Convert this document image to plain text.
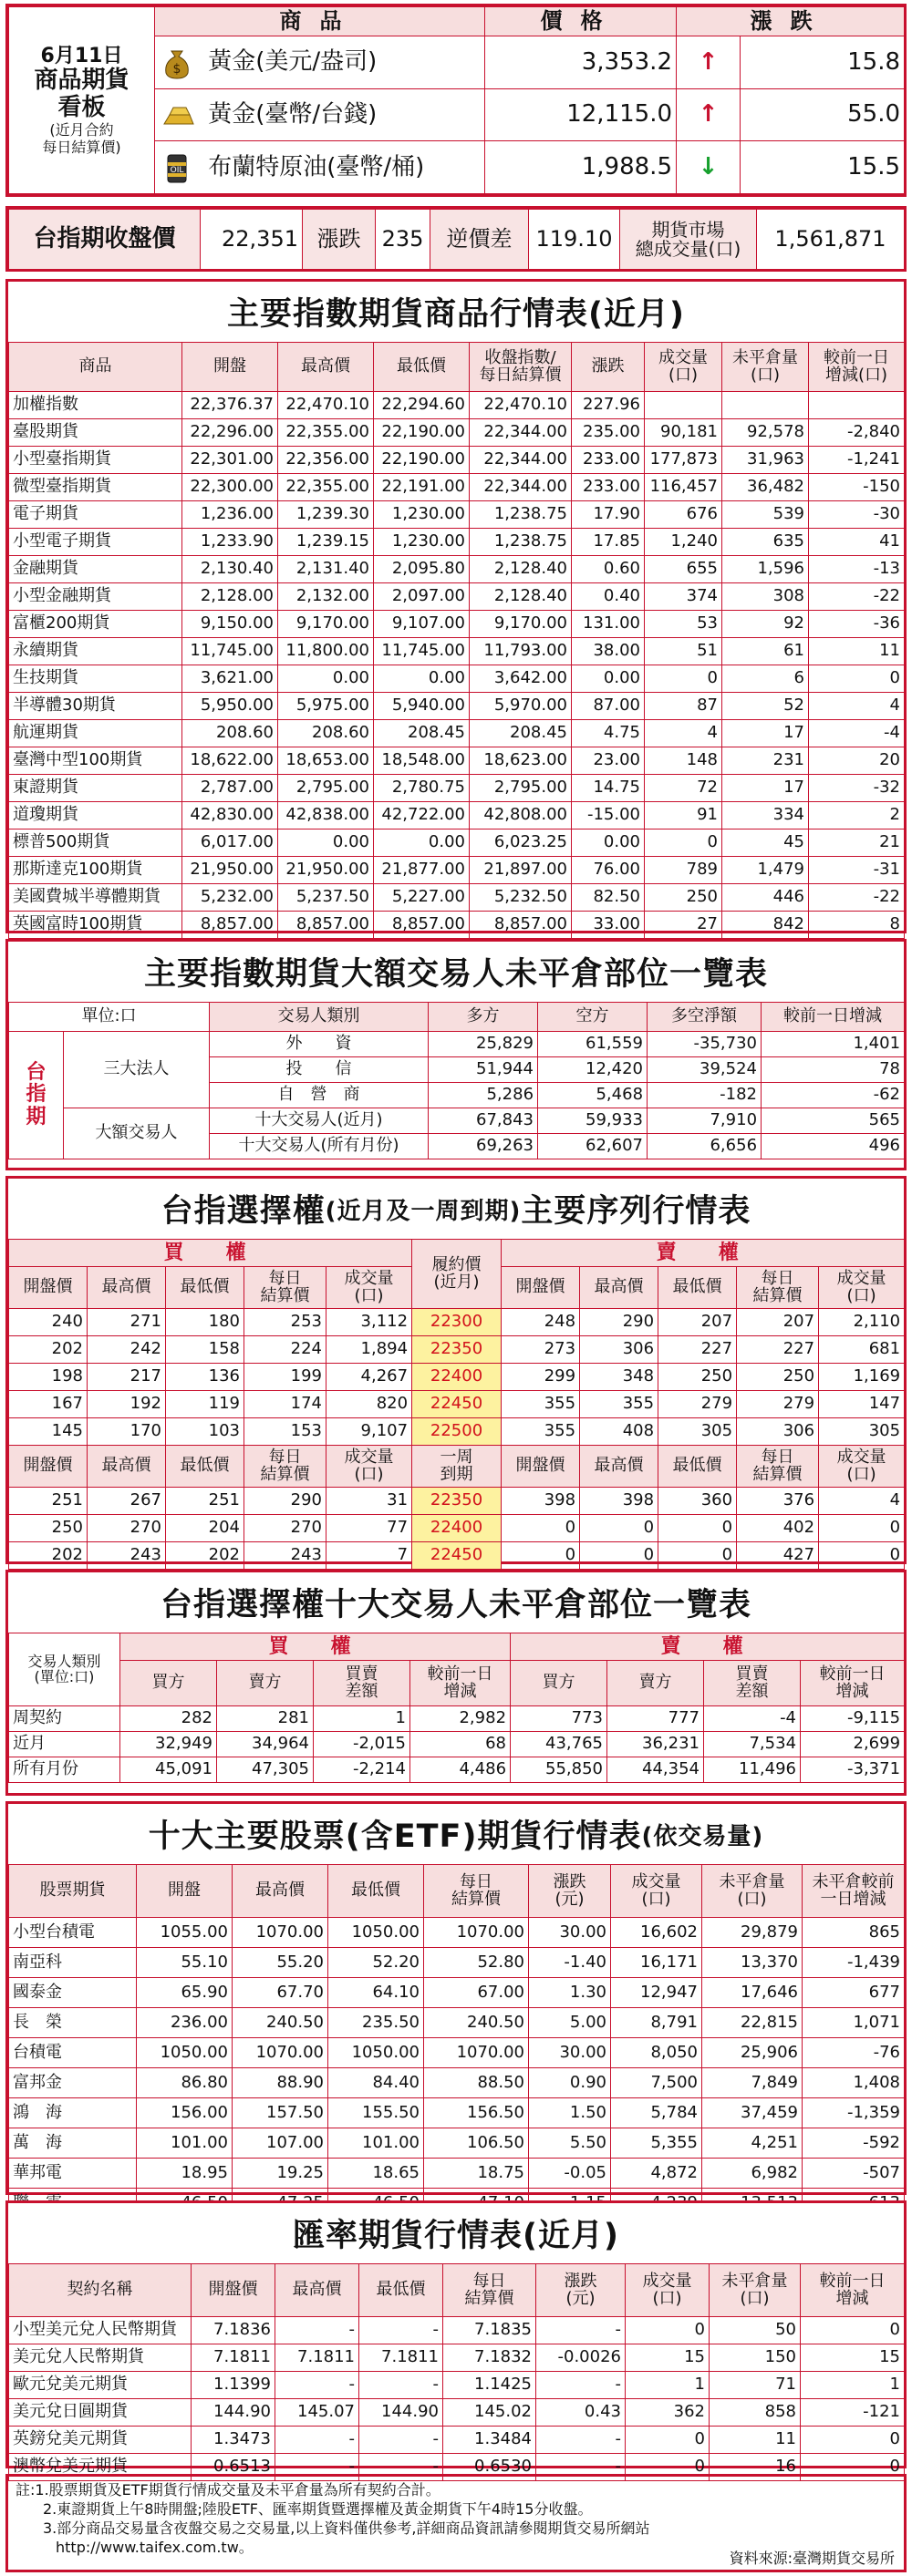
6月11日
商品期貨
看板
(近月合約
每日結算價)	商品	價格	漲跌	

$ 黃金(美元/盎司)	3,353.2	↑	15.8
	黃金(臺幣/台錢)	12,115.0	↑	55.0

OIL 布蘭特原油(臺幣/桶)	1,988.5	↓	15.5
台指期收盤價	22,351	漲跌	235	逆價差	119.10	期貨市場
總成交量(口)	1,561,871
主要指數期貨商品行情表(近月)
商品	開盤	最高價	最低價	收盤指數/
每日結算價	漲跌	成交量
(口)	未平倉量
(口)	較前一日
增減(口)
加權指數	22,376.37	22,470.10	22,294.60	22,470.10	227.96			
臺股期貨	22,296.00	22,355.00	22,190.00	22,344.00	235.00	90,181	92,578	-2,840
小型臺指期貨	22,301.00	22,356.00	22,190.00	22,344.00	233.00	177,873	31,963	-1,241
微型臺指期貨	22,300.00	22,355.00	22,191.00	22,344.00	233.00	116,457	36,482	-150
電子期貨	1,236.00	1,239.30	1,230.00	1,238.75	17.90	676	539	-30
小型電子期貨	1,233.90	1,239.15	1,230.00	1,238.75	17.85	1,240	635	41
金融期貨	2,130.40	2,131.40	2,095.80	2,128.40	0.60	655	1,596	-13
小型金融期貨	2,128.00	2,132.00	2,097.00	2,128.40	0.40	374	308	-22
富櫃200期貨	9,150.00	9,170.00	9,107.00	9,170.00	131.00	53	92	-36
永續期貨	11,745.00	11,800.00	11,745.00	11,793.00	38.00	51	61	11
生技期貨	3,621.00	0.00	0.00	3,642.00	0.00	0	6	0
半導體30期貨	5,950.00	5,975.00	5,940.00	5,970.00	87.00	87	52	4
航運期貨	208.60	208.60	208.45	208.45	4.75	4	17	-4
臺灣中型100期貨	18,622.00	18,653.00	18,548.00	18,623.00	23.00	148	231	20
東證期貨	2,787.00	2,795.00	2,780.75	2,795.00	14.75	72	17	-32
道瓊期貨	42,830.00	42,838.00	42,722.00	42,808.00	-15.00	91	334	2
標普500期貨	6,017.00	0.00	0.00	6,023.25	0.00	0	45	21
那斯達克100期貨	21,950.00	21,950.00	21,877.00	21,897.00	76.00	789	1,479	-31
美國費城半導體期貨	5,232.00	5,237.50	5,227.00	5,232.50	82.50	250	446	-22
英國富時100期貨	8,857.00	8,857.00	8,857.00	8,857.00	33.00	27	842	8
主要指數期貨大額交易人未平倉部位一覽表
單位:口		交易人類別	多方	空方	多空淨額	較前一日增減
台指期	三大法人	外　　資	25,829	61,559	-35,730	1,401
		投　　信	51,944	12,420	39,524	78
		自　營　商	5,286	5,468	-182	-62
	大額交易人	十大交易人(近月)	67,843	59,933	7,910	565
		十大交易人(所有月份)	69,263	62,607	6,656	496
台指選擇權 (近月及一周到期) 主要序列行情表
買　權					履約價
(近月)	賣　權				
開盤價	最高價	最低價	每日
結算價	成交量
(口)		開盤價	最高價	最低價	每日
結算價	成交量
(口)
240	271	180	253	3,112	22300	248	290	207	207	2,110
202	242	158	224	1,894	22350	273	306	227	227	681
198	217	136	199	4,267	22400	299	348	250	250	1,169
167	192	119	174	820	22450	355	355	279	279	147
145	170	103	153	9,107	22500	355	408	305	306	305
開盤價	最高價	最低價	每日
結算價	成交量
(口)	一周
到期	開盤價	最高價	最低價	每日
結算價	成交量
(口)
251	267	251	290	31	22350	398	398	360	376	4
250	270	204	270	77	22400	0	0	0	402	0
202	243	202	243	7	22450	0	0	0	427	0
台指選擇權十大交易人未平倉部位一覽表
交易人類別
(單位:口)	買　權				賣　權			
	買方	賣方	買賣
差額	較前一日
增減	買方	賣方	買賣
差額	較前一日
增減
周契約	282	281	1	2,982	773	777	-4	-9,115
近月	32,949	34,964	-2,015	68	43,765	36,231	7,534	2,699
所有月份	45,091	47,305	-2,214	4,486	55,850	44,354	11,496	-3,371
十大主要股票(含ETF)期貨行情表 (依交易量)
股票期貨	開盤	最高價	最低價	每日
結算價	漲跌
(元)	成交量
(口)	未平倉量
(口)	未平倉較前
一日增減
小型台積電	1055.00	1070.00	1050.00	1070.00	30.00	16,602	29,879	865
南亞科	55.10	55.20	52.20	52.80	-1.40	16,171	13,370	-1,439
國泰金	65.90	67.70	64.10	67.00	1.30	12,947	17,646	677
長　榮	236.00	240.50	235.50	240.50	5.00	8,791	22,815	1,071
台積電	1050.00	1070.00	1050.00	1070.00	30.00	8,050	25,906	-76
富邦金	86.80	88.90	84.40	88.50	0.90	7,500	7,849	1,408
鴻　海	156.00	157.50	155.50	156.50	1.50	5,784	37,459	-1,359
萬　海	101.00	107.00	101.00	106.50	5.50	5,355	4,251	-592
華邦電	18.95	19.25	18.65	18.75	-0.05	4,872	6,982	-507

匯率期貨行情表(近月)
契約名稱	開盤價	最高價	最低價	每日
結算價	漲跌
(元)	成交量
(口)	未平倉量
(口)	較前一日
增減
小型美元兌人民幣期貨	7.1836	-	-	7.1835	-	0	50	0
美元兌人民幣期貨	7.1811	7.1811	7.1811	7.1832	-0.0026	15	150	15
歐元兌美元期貨	1.1399	-	-	1.1425	-	1	71	1
美元兌日圓期貨	144.90	145.07	144.90	145.02	0.43	362	858	-121
英鎊兌美元期貨	1.3473	-	-	1.3484	-	0	11	0
澳幣兌美元期貨	0.6513	-	-	0.6530	-	0	16	0
註:1.股票期貨及ETF期貨行情成交量及未平倉量為所有契約合計。
2.東證期貨上午8時開盤;陸股ETF、匯率期貨暨選擇權及黃金期貨下午4時15分收盤。
3.部分商品交易量含夜盤交易之交易量,以上資料僅供參考,詳細商品資訊請參閱期貨交易所網站
http://www.taifex.com.tw。
資料來源:臺灣期貨交易所
